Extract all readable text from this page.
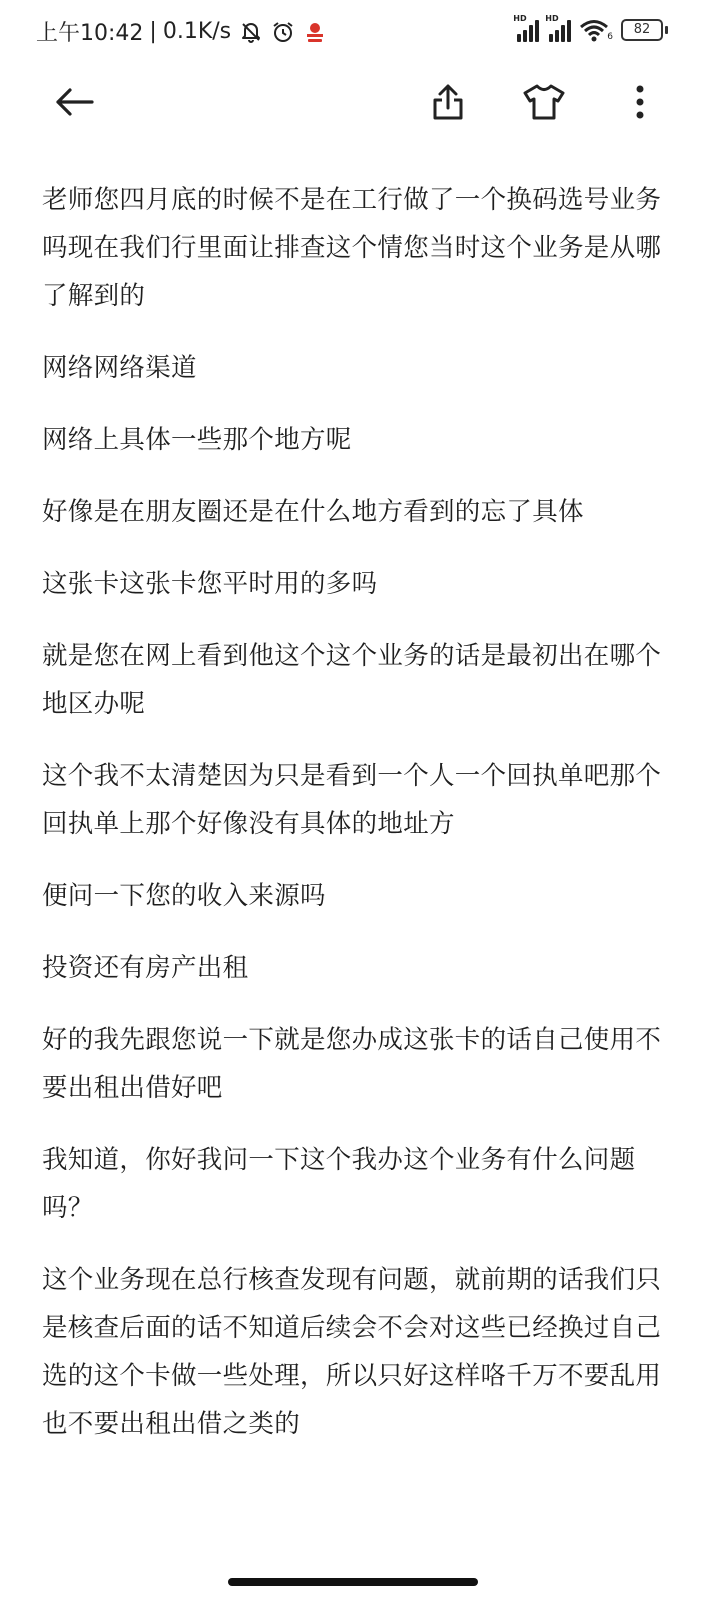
上午10:42 | 0.1K/s
HD HD
6	82

老师您四月底的时候不是在工行做了一个换码选号业务吗现在我们行里面让排查这个情您当时这个业务是从哪了解到的

网络网络渠道

网络上具体一些那个地方呢

好像是在朋友圈还是在什么地方看到的忘了具体

这张卡这张卡您平时用的多吗

就是您在网上看到他这个这个业务的话是最初出在哪个地区办呢

这个我不太清楚因为只是看到一个人一个回执单吧那个回执单上那个好像没有具体的地址方

便问一下您的收入来源吗

投资还有房产出租

好的我先跟您说一下就是您办成这张卡的话自己使用不要出租出借好吧

我知道，你好我问一下这个我办这个业务有什么问题吗？

这个业务现在总行核查发现有问题，就前期的话我们只是核查后面的话不知道后续会不会对这些已经换过自己选的这个卡做一些处理，所以只好这样咯千万不要乱用也不要出租出借之类的
